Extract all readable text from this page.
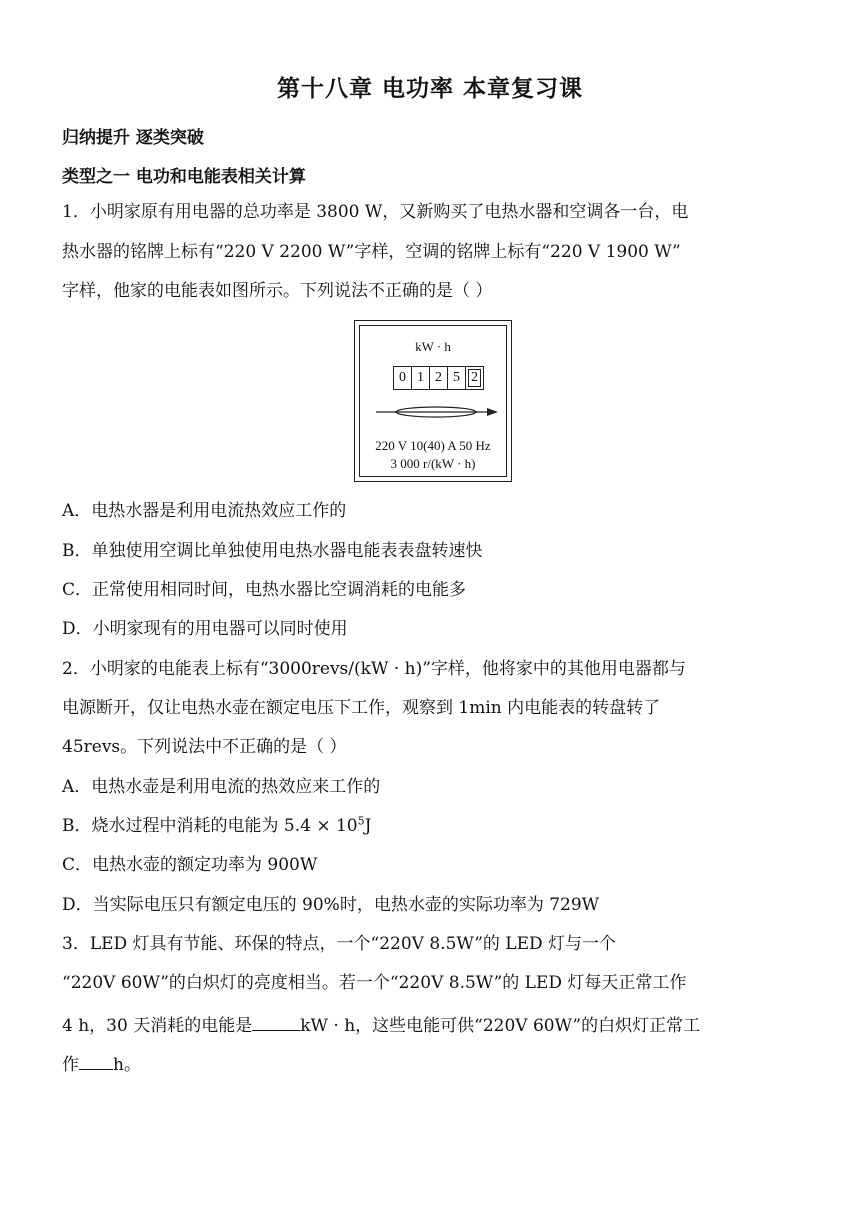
第十八章 电功率 本章复习课
归纳提升 逐类突破
类型之一 电功和电能表相关计算
1．小明家原有用电器的总功率是 3800 W，又新购买了电热水器和空调各一台，电
热水器的铭牌上标有“220 V 2200 W”字样，空调的铭牌上标有“220 V 1900 W”
字样，他家的电能表如图所示。下列说法不正确的是（ ）
kW · h
0 1 2 5 2
220 V 10(40) A 50 Hz
3 000 r/(kW · h)
A．电热水器是利用电流热效应工作的
B．单独使用空调比单独使用电热水器电能表表盘转速快
C．正常使用相同时间，电热水器比空调消耗的电能多
D．小明家现有的用电器可以同时使用
2．小明家的电能表上标有“3000revs/(kW · h)”字样，他将家中的其他用电器都与
电源断开，仅让电热水壶在额定电压下工作，观察到 1min 内电能表的转盘转了
45revs。下列说法中不正确的是（ ）
A．电热水壶是利用电流的热效应来工作的
B．烧水过程中消耗的电能为 $5.4 \times 10^5J$
C．电热水壶的额定功率为 900W
D．当实际电压只有额定电压的 90%时，电热水壶的实际功率为 729W
3．LED 灯具有节能、环保的特点，一个“220V 8.5W”的 LED 灯与一个
“220V 60W”的白炽灯的亮度相当。若一个“220V 8.5W”的 LED 灯每天正常工作
4 h，30 天消耗的电能是	kW · h，这些电能可供“220V 60W”的白炽灯正常工
作 h。
